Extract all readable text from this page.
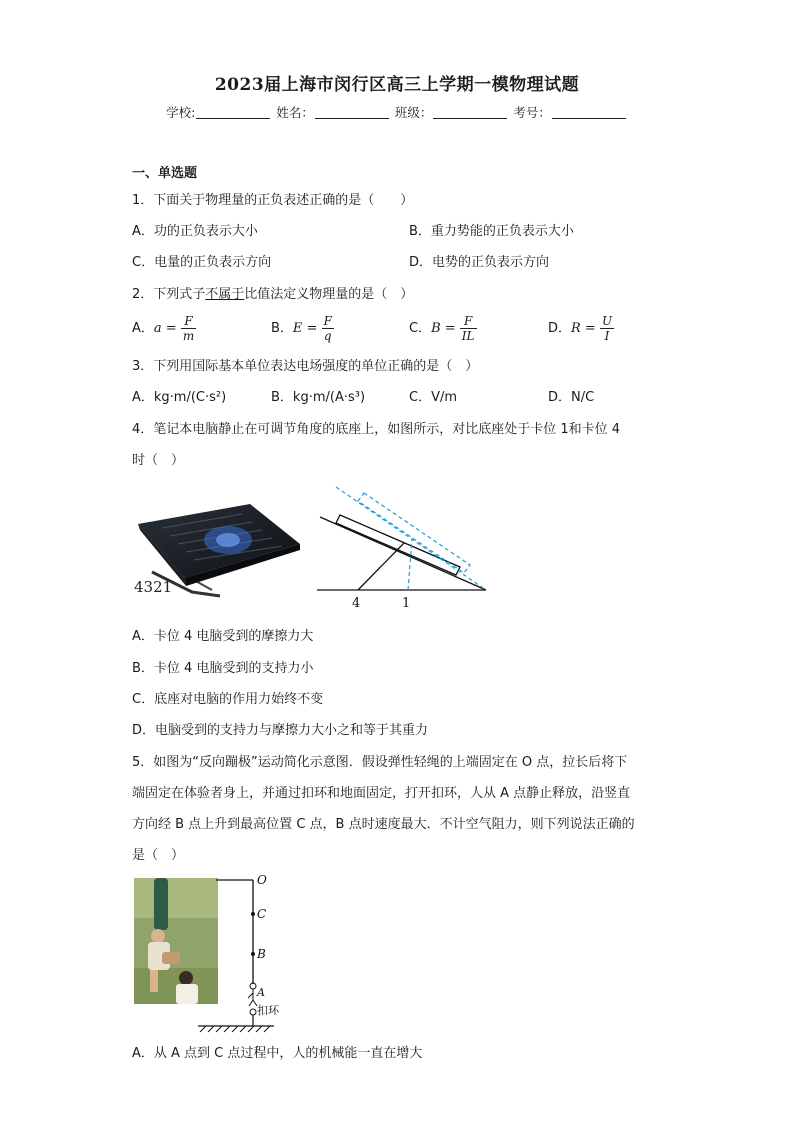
2023届上海市闵行区高三上学期一模物理试题
学校:	姓名：	班级：	考号：
一、单选题
1．下面关于物理量的正负表述正确的是（　　）
A．功的正负表示大小	B．重力势能的正负表示大小
C．电量的正负表示方向	D．电势的正负表示方向
2．下列式子不属于比值法定义物理量的是（　）
A．$a = \frac{F}{m}$	B．$E = \frac{F}{q}$	C．$B = \frac{F}{IL}$	D．$R = \frac{U}{I}$
3．下列用国际基本单位表达电场强度的单位正确的是（　）
A．kg·m/(C·s²)	B．kg·m/(A·s³)	C．V/m	D．N/C
4．笔记本电脑静止在可调节角度的底座上，如图所示，对比底座处于卡位 1和卡位 4
时（　）
4321
4	1
A．卡位 4 电脑受到的摩擦力大
B．卡位 4 电脑受到的支持力小
C．底座对电脑的作用力始终不变
D．电脑受到的支持力与摩擦力大小之和等于其重力
5．如图为“反向蹦极”运动简化示意图．假设弹性轻绳的上端固定在 O 点，拉长后将下
端固定在体验者身上，并通过扣环和地面固定，打开扣环，人从 A 点静止释放，沿竖直
方向经 B 点上升到最高位置 C 点，B 点时速度最大．不计空气阻力，则下列说法正确的
是（　）
O
C
B
A
扣环
A．从 A 点到 C 点过程中，人的机械能一直在增大
